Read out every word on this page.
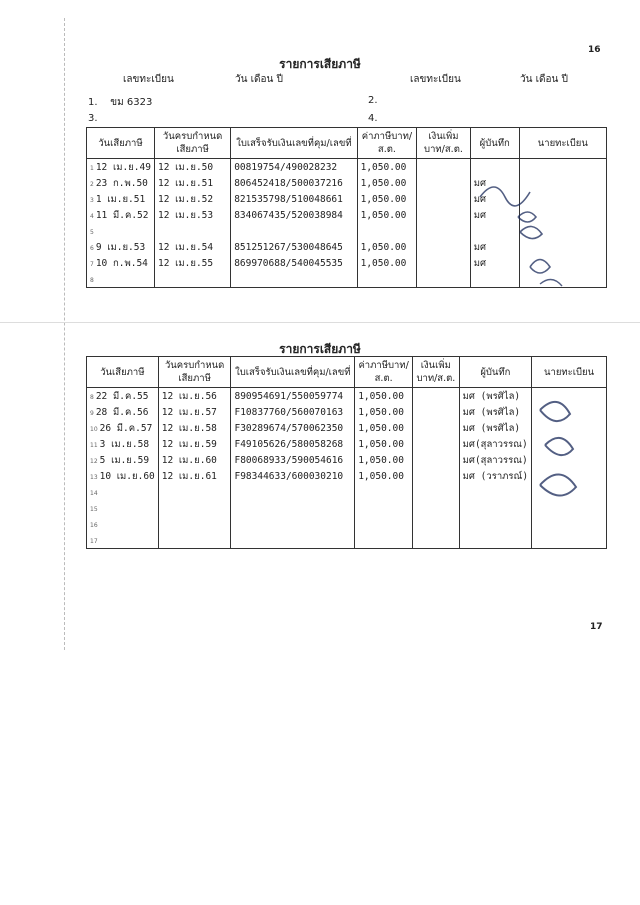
16
รายการเสียภาษี
เลขทะเบียน	วัน เดือน ปี	เลขทะเบียน	วัน เดือน ปี
1. ขม 6323	2.
3.	4.
วันเสียภาษี	วันครบกำหนดเสียภาษี	ใบเสร็จรับเงินเลขที่คุม/เลขที่	ค่าภาษีบาท/ส.ต.	เงินเพิ่มบาท/ส.ต.	ผู้บันทึก	นายทะเบียน
1 12 เม.ย.49	12 เม.ย.50	00819754/490028232	1,050.00			
2 23 ก.พ.50	12 เม.ย.51	806452418/500037216	1,050.00		มศ	
3 1 เม.ย.51	12 เม.ย.52	821535798/510048661	1,050.00		มศ	
4 11 มี.ค.52	12 เม.ย.53	834067435/520038984	1,050.00		มศ	
5						
6 9 เม.ย.53	12 เม.ย.54	851251267/530048645	1,050.00		มศ	
7 10 ก.พ.54	12 เม.ย.55	869970688/540045535	1,050.00		มศ	
8						
รายการเสียภาษี
วันเสียภาษี	วันครบกำหนดเสียภาษี	ใบเสร็จรับเงินเลขที่คุม/เลขที่	ค่าภาษีบาท/ส.ต.	เงินเพิ่มบาท/ส.ต.	ผู้บันทึก	นายทะเบียน
8 22 มี.ค.55	12 เม.ย.56	890954691/550059774	1,050.00		มศ (พรศิไล)	
9 28 มี.ค.56	12 เม.ย.57	F10837760/560070163	1,050.00		มศ (พรศิไล)	
10 26 มี.ค.57	12 เม.ย.58	F30289674/570062350	1,050.00		มศ (พรศิไล)	
11 3 เม.ย.58	12 เม.ย.59	F49105626/580058268	1,050.00		มศ(สุลาวรรณ)	
12 5 เม.ย.59	12 เม.ย.60	F80068933/590054616	1,050.00		มศ(สุลาวรรณ)	
13 10 เม.ย.60	12 เม.ย.61	F98344633/600030210	1,050.00		มศ (วราภรณ์)	
14						
15						
16						
17						
17
